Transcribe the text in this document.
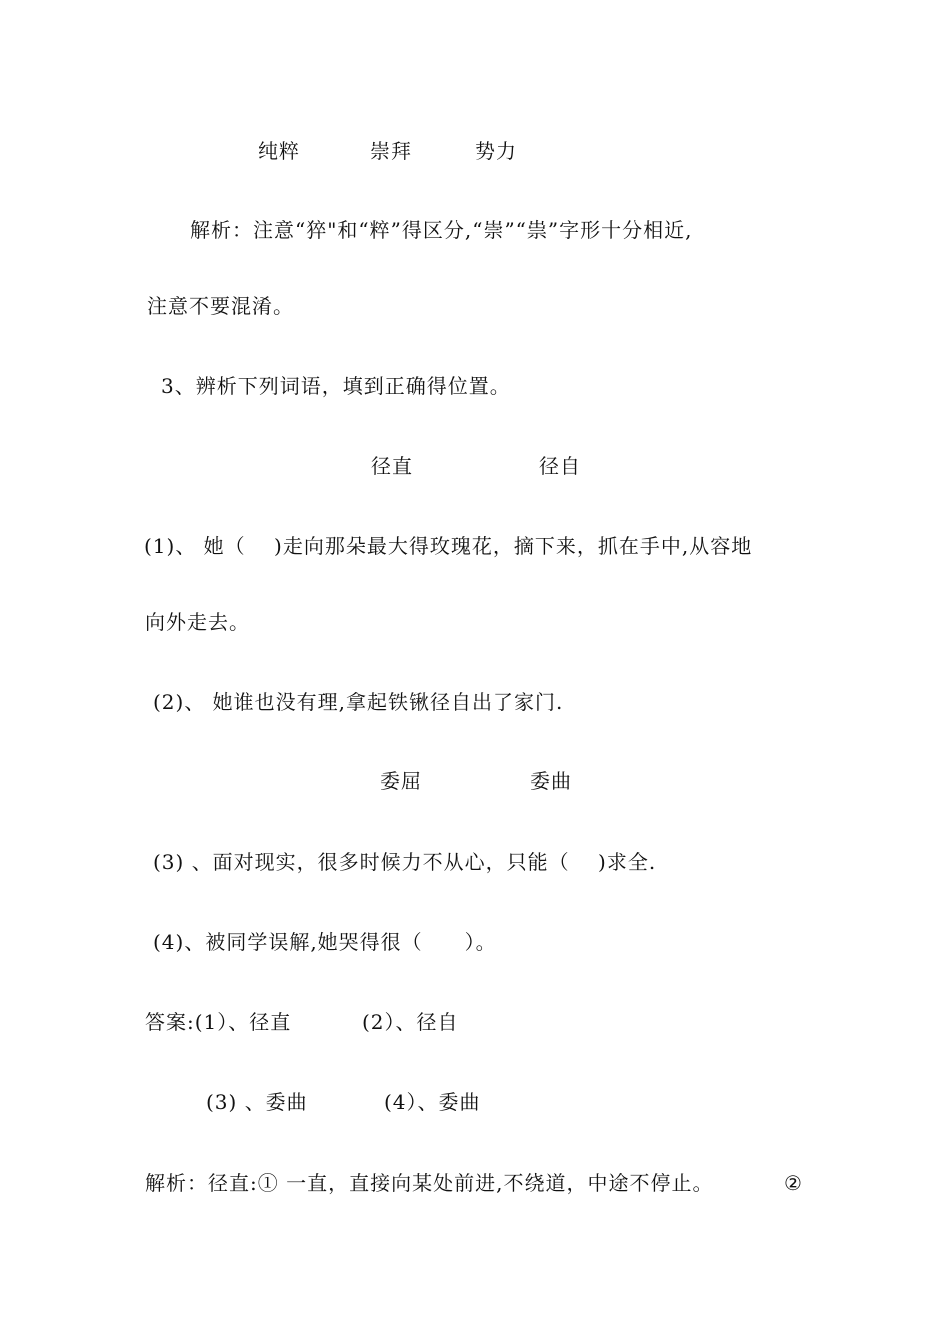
纯粹	崇拜	势力
解析：注意“猝"和“粹”得区分,“崇”“祟”字形十分相近,
注意不要混淆。
3、辨析下列词语，填到正确得位置。
径直	径自
(1)、 她（　 )走向那朵最大得玫瑰花，摘下来，抓在手中,从容地
向外走去。
(2)、 她谁也没有理,拿起铁锹径自出了家门.
委屈	委曲
(3) 、面对现实，很多时候力不从心，只能（　 )求全.
(4)、被同学误解,她哭得很（　　）。
答案:(1）、径直	(2）、径自
(3) 、委曲	(4）、委曲
解析：径直:① 一直，直接向某处前进,不绕道，中途不停止。	②
